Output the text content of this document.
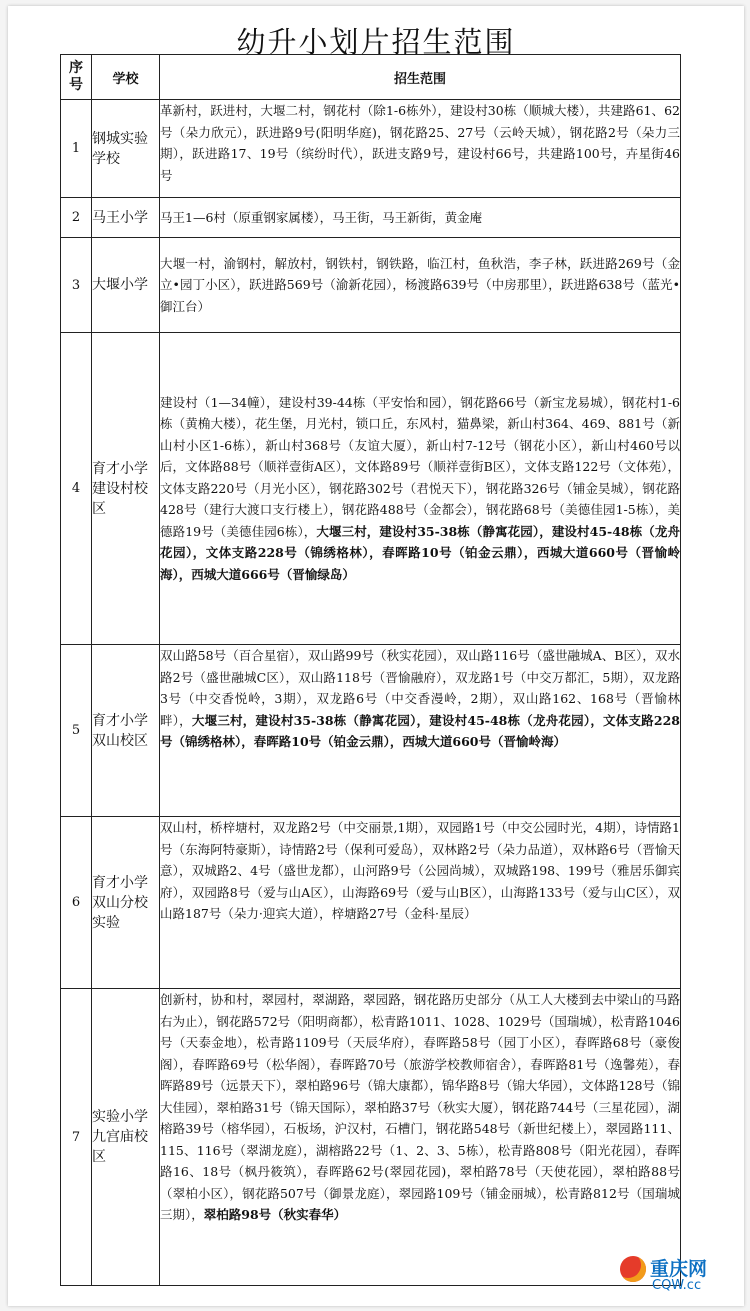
幼升小划片招生范围
序号	学校	招生范围
1	钢城实验学校	革新村，跃进村，大堰二村，钢花村（除1-6栋外），建设村30栋（顺城大楼），共建路61、62号（朵力欣元），跃进路9号(阳明华庭)，钢花路25、27号（云岭天城），钢花路2号（朵力三期），跃进路17、19号（缤纷时代），跃进支路9号，建设村66号，共建路100号，卉星街46号
2	马王小学	马王1—6村（原重钢家属楼），马王街，马王新街，黄金庵
3	大堰小学	大堰一村，渝钢村，解放村，钢铁村，钢铁路，临江村，鱼秋浩，李子林，跃进路269号（金立•园丁小区），跃进路569号（渝新花园），杨渡路639号（中房那里），跃进路638号（蓝光•御江台）
4	育才小学建设村校区	建设村（1—34幢），建设村39-44栋（平安怡和园），钢花路66号（新宝龙易城），钢花村1-6栋（黄桷大楼），花生堡，月光村，锁口丘，东风村，猫鼻梁，新山村364、469、881号（新山村小区1-6栋），新山村368号（友谊大厦），新山村7-12号（钢花小区），新山村460号以后，文体路88号（顺祥壹街A区），文体路89号（顺祥壹街B区），文体支路122号（文体苑），文体支路220号（月光小区），钢花路302号（君悦天下），钢花路326号（铺金昊城），钢花路428号（建行大渡口支行楼上），钢花路488号（金都会），钢花路68号（美德佳园1-5栋），美德路19号（美德佳园6栋），大堰三村，建设村35-38栋（静寓花园），建设村45-48栋（龙舟花园），文体支路228号（锦绣格林），春晖路10号（铂金云鼎），西城大道660号（晋愉岭海），西城大道666号（晋愉绿岛）
5	育才小学双山校区	双山路58号（百合星宿），双山路99号（秋实花园），双山路116号（盛世融城A、B区），双水路2号（盛世融城C区），双山路118号（晋愉融府），双龙路1号（中交万都汇，5期），双龙路3号（中交香悦岭，3期），双龙路6号（中交香漫岭，2期），双山路162、168号（晋愉林畔），大堰三村，建设村35-38栋（静寓花园），建设村45-48栋（龙舟花园），文体支路228号（锦绣格林），春晖路10号（铂金云鼎），西城大道660号（晋愉岭海）
6	育才小学双山分校实验	双山村，桥梓塘村，双龙路2号（中交丽景,1期），双园路1号（中交公园时光，4期），诗情路1号（东海阿特豪斯），诗情路2号（保利可爱岛），双林路2号（朵力品道），双林路6号（晋愉天意），双城路2、4号（盛世龙都），山河路9号（公园尚城），双城路198、199号（雅居乐御宾府），双园路8号（爱与山A区），山海路69号（爱与山B区），山海路133号（爱与山C区），双山路187号（朵力·迎宾大道），梓塘路27号（金科·星辰）
7	实验小学九宫庙校区	创新村，协和村，翠园村，翠湖路，翠园路，钢花路历史部分（从工人大楼到去中梁山的马路右为止），钢花路572号（阳明商都），松青路1011、1028、1029号（国瑞城），松青路1046号（天泰金地），松青路1109号（天辰华府），春晖路58号（园丁小区），春晖路68号（豪俊阁），春晖路69号（松华阁），春晖路70号（旅游学校教师宿舍），春晖路81号（逸馨苑），春晖路89号（远景天下），翠柏路96号（锦大康都），锦华路8号（锦大华园），文体路128号（锦大佳园），翠柏路31号（锦天国际），翠柏路37号（秋实大厦），钢花路744号（三星花园），湖榕路39号（榕华园），石板场，沪汉村，石槽门，钢花路548号（新世纪楼上），翠园路111、115、116号（翠湖龙庭），湖榕路22号（1、2、3、5栋），松青路808号（阳光花园），春晖路16、18号（枫丹筱筑），春晖路62号(翠园花园)，翠柏路78号（天使花园），翠柏路88号（翠柏小区），钢花路507号（御景龙庭），翠园路109号（铺金丽城），松青路812号（国瑞城三期），翠柏路98号（秋实春华）
重庆网
CQW.cc
